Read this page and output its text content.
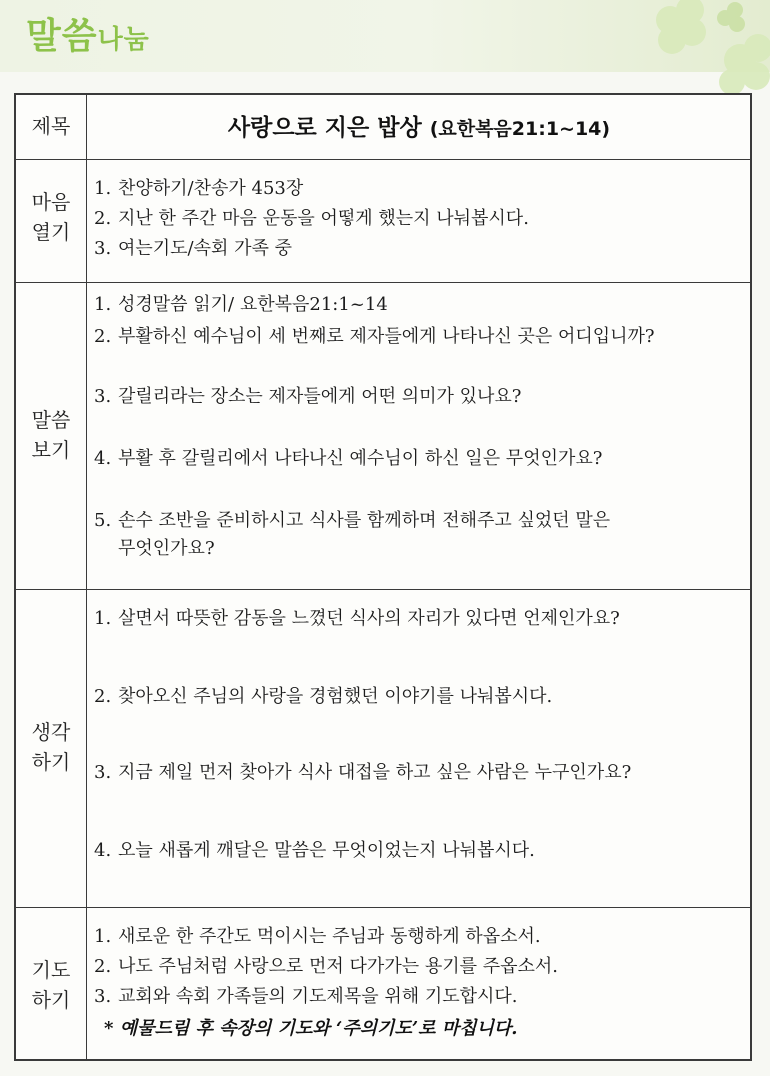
말씀나눔
제목	사랑으로 지은 밥상 (요한복음21:1~14)
마음
열기
1. 찬양하기/찬송가 453장
2. 지난 한 주간 마음 운동을 어떻게 했는지 나눠봅시다.
3. 여는기도/속회 가족 중
말씀
보기
1. 성경말씀 읽기/ 요한복음21:1~14
2. 부활하신 예수님이 세 번째로 제자들에게 나타나신 곳은 어디입니까?
3. 갈릴리라는 장소는 제자들에게 어떤 의미가 있나요?
4. 부활 후 갈릴리에서 나타나신 예수님이 하신 일은 무엇인가요?
5. 손수 조반을 준비하시고 식사를 함께하며 전해주고 싶었던 말은
무엇인가요?
생각
하기
1. 살면서 따뜻한 감동을 느꼈던 식사의 자리가 있다면 언제인가요?
2. 찾아오신 주님의 사랑을 경험했던 이야기를 나눠봅시다.
3. 지금 제일 먼저 찾아가 식사 대접을 하고 싶은 사람은 누구인가요?
4. 오늘 새롭게 깨달은 말씀은 무엇이었는지 나눠봅시다.
기도
하기
1. 새로운 한 주간도 먹이시는 주님과 동행하게 하옵소서.
2. 나도 주님처럼 사랑으로 먼저 다가가는 용기를 주옵소서.
3. 교회와 속회 가족들의 기도제목을 위해 기도합시다.
* 예물드림 후 속장의 기도와 ‘주의기도’로 마칩니다.
